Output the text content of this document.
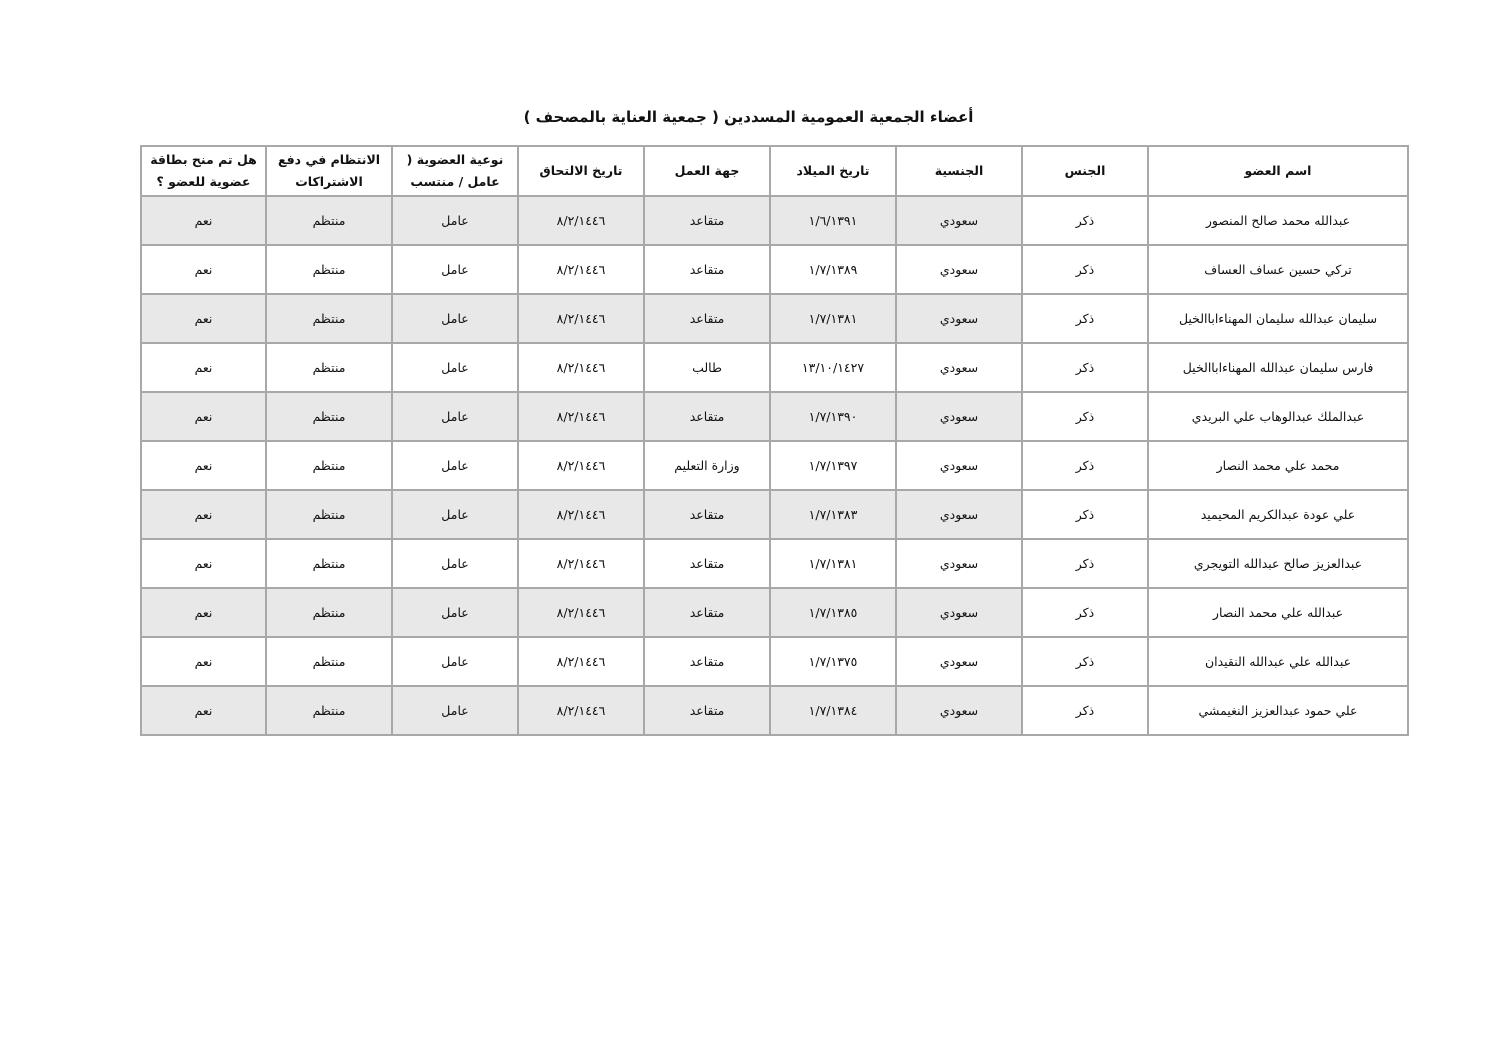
أعضاء الجمعية العمومية المسددين ( جمعية العناية بالمصحف )
اسم العضو	الجنس	الجنسية	تاريخ الميلاد	جهة العمل	تاريخ الالتحاق	نوعية العضوية ( عامل / منتسب	الانتظام في دفع الاشتراكات	هل تم منح بطاقة عضوية للعضو ؟
عبدالله محمد صالح المنصور	ذكر	سعودي	١/٦/١٣٩١	متقاعد	٨/٢/١٤٤٦	عامل	منتظم	نعم
تركي حسين عساف العساف	ذكر	سعودي	١/٧/١٣٨٩	متقاعد	٨/٢/١٤٤٦	عامل	منتظم	نعم
سليمان عبدالله سليمان المهناءاباالخيل	ذكر	سعودي	١/٧/١٣٨١	متقاعد	٨/٢/١٤٤٦	عامل	منتظم	نعم
فارس سليمان عبدالله المهناءاباالخيل	ذكر	سعودي	١٣/١٠/١٤٢٧	طالب	٨/٢/١٤٤٦	عامل	منتظم	نعم
عبدالملك عبدالوهاب علي البريدي	ذكر	سعودي	١/٧/١٣٩٠	متقاعد	٨/٢/١٤٤٦	عامل	منتظم	نعم
محمد علي محمد النصار	ذكر	سعودي	١/٧/١٣٩٧	وزارة التعليم	٨/٢/١٤٤٦	عامل	منتظم	نعم
علي عودة عبدالكريم المحيميد	ذكر	سعودي	١/٧/١٣٨٣	متقاعد	٨/٢/١٤٤٦	عامل	منتظم	نعم
عبدالعزيز صالح عبدالله التويجري	ذكر	سعودي	١/٧/١٣٨١	متقاعد	٨/٢/١٤٤٦	عامل	منتظم	نعم
عبدالله علي محمد النصار	ذكر	سعودي	١/٧/١٣٨٥	متقاعد	٨/٢/١٤٤٦	عامل	منتظم	نعم
عبدالله علي عبدالله النقيدان	ذكر	سعودي	١/٧/١٣٧٥	متقاعد	٨/٢/١٤٤٦	عامل	منتظم	نعم
علي حمود عبدالعزيز النغيمشي	ذكر	سعودي	١/٧/١٣٨٤	متقاعد	٨/٢/١٤٤٦	عامل	منتظم	نعم
